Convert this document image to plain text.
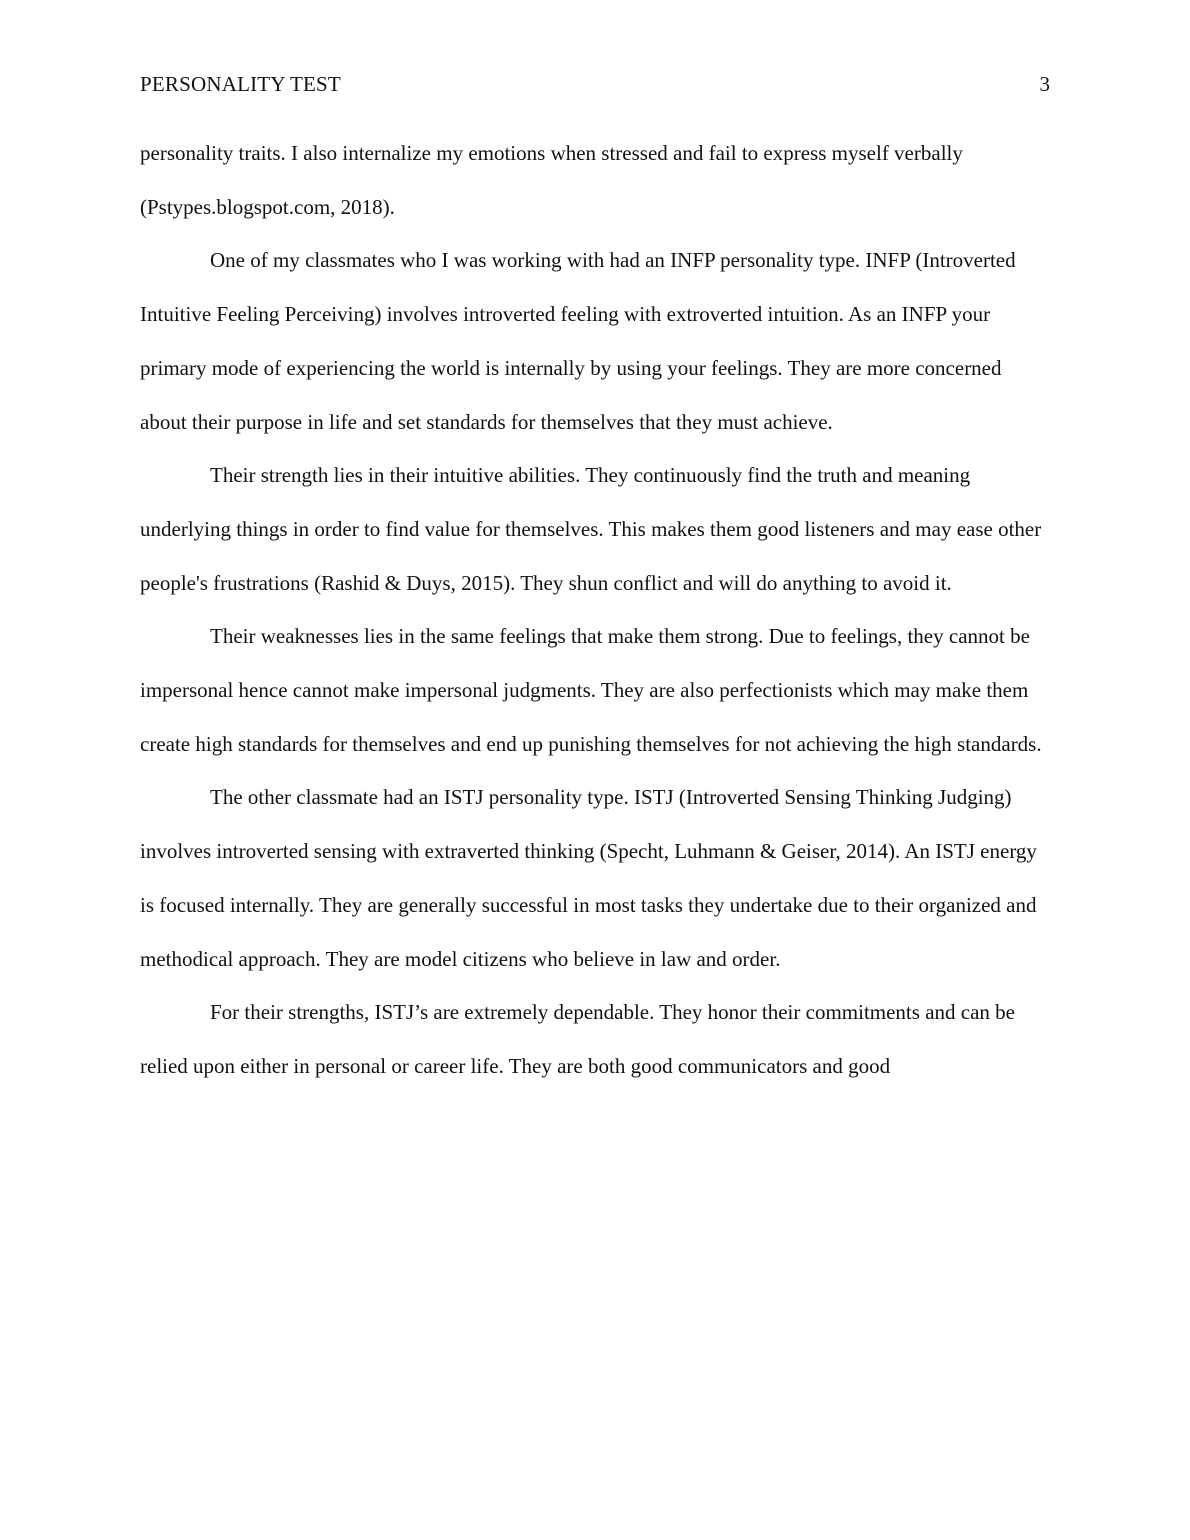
PERSONALITY TEST	3

personality traits. I also internalize my emotions when stressed and fail to express myself verbally (Pstypes.blogspot.com, 2018).

One of my classmates who I was working with had an INFP personality type. INFP (Introverted Intuitive Feeling Perceiving) involves introverted feeling with extroverted intuition. As an INFP your primary mode of experiencing the world is internally by using your feelings. They are more concerned about their purpose in life and set standards for themselves that they must achieve.

Their strength lies in their intuitive abilities. They continuously find the truth and meaning underlying things in order to find value for themselves. This makes them good listeners and may ease other people's frustrations (Rashid & Duys, 2015). They shun conflict and will do anything to avoid it.

Their weaknesses lies in the same feelings that make them strong. Due to feelings, they cannot be impersonal hence cannot make impersonal judgments. They are also perfectionists which may make them create high standards for themselves and end up punishing themselves for not achieving the high standards.

The other classmate had an ISTJ personality type. ISTJ (Introverted Sensing Thinking Judging) involves introverted sensing with extraverted thinking (Specht, Luhmann & Geiser, 2014). An ISTJ energy is focused internally. They are generally successful in most tasks they undertake due to their organized and methodical approach. They are model citizens who believe in law and order.

For their strengths, ISTJ’s are extremely dependable. They honor their commitments and can be relied upon either in personal or career life. They are both good communicators and good
